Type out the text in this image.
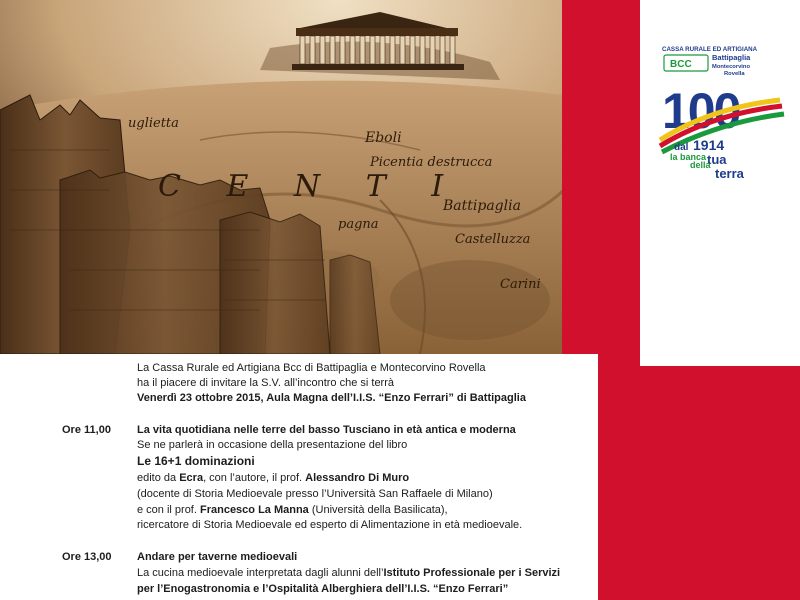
uglietta
Eboli
Picentia destrucca
C E N T I
Battipaglia
pagna
Castelluzza
Carini
CASSA RURALE ED ARTIGIANA
BCC
Battipaglia
Montecorvino
Rovella
100
dal 1914
la banca tua
della
terra
La Cassa Rurale ed Artigiana Bcc di Battipaglia e Montecorvino Rovella
ha il piacere di invitare la S.V. all’incontro che si terrà
Venerdì 23 ottobre 2015, Aula Magna dell’I.I.S. “Enzo Ferrari” di Battipaglia
Ore 11,00 La vita quotidiana nelle terre del basso Tusciano in età antica e moderna
Se ne parlerà in occasione della presentazione del libro
Le 16+1 dominazioni
edito da Ecra, con l’autore, il prof. Alessandro Di Muro
(docente di Storia Medioevale presso l’Università San Raffaele di Milano)
e con il prof. Francesco La Manna (Università della Basilicata),
ricercatore di Storia Medioevale ed esperto di Alimentazione in età medioevale.
Ore 13,00 Andare per taverne medioevali
La cucina medioevale interpretata dagli alunni dell’Istituto Professionale per i Servizi
per l’Enogastronomia e l’Ospitalità Alberghiera dell’I.I.S. “Enzo Ferrari”
